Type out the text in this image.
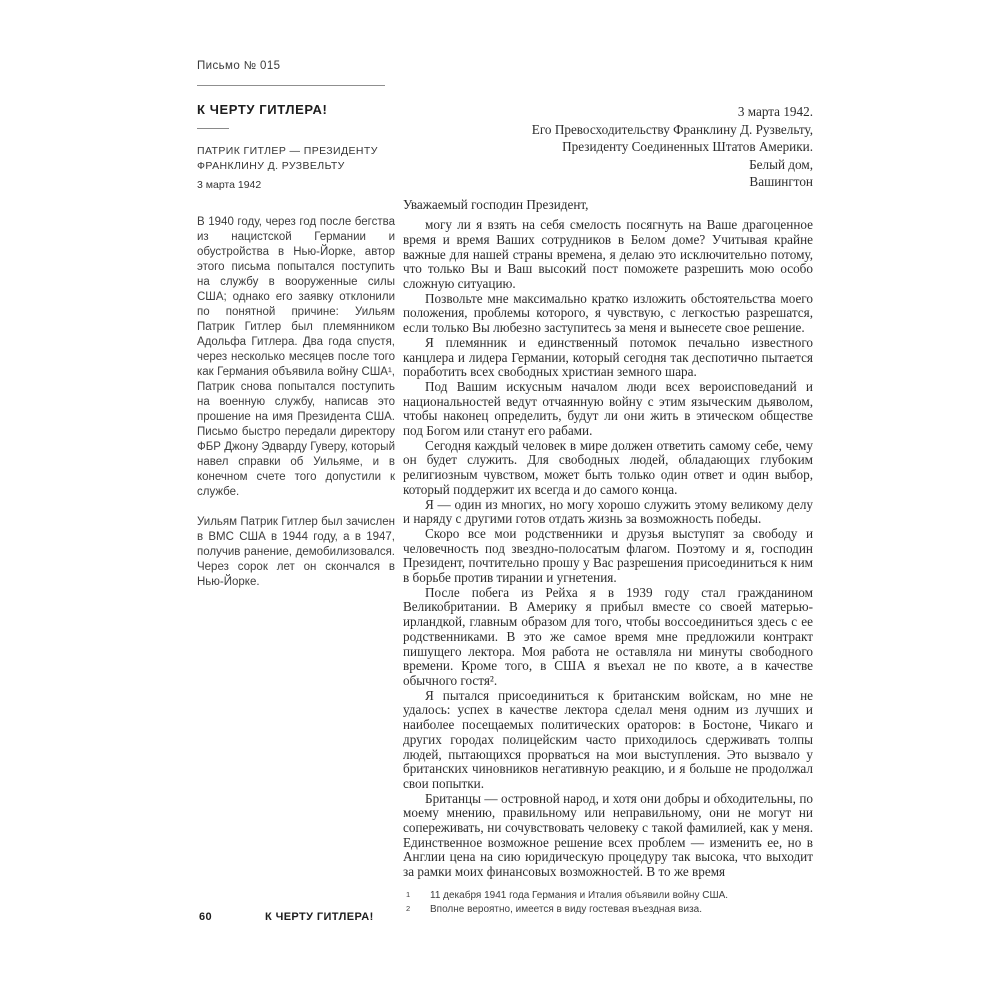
Письмо № 015
К ЧЕРТУ ГИТЛЕРА!
ПАТРИК ГИТЛЕР — ПРЕЗИДЕНТУ
ФРАНКЛИНУ Д. РУЗВЕЛЬТУ
3 марта 1942

В 1940 году, через год после бегства из нацистской Германии и обустройства в Нью-Йорке, автор этого письма попытался поступить на службу в вооруженные силы США; однако его заявку отклонили по понятной причине: Уильям Патрик Гитлер был племянником Адольфа Гитлера. Два года спустя, через несколько месяцев после того как Германия объявила войну США¹, Патрик снова попытался поступить на военную службу, написав это прошение на имя Президента США. Письмо быстро передали директору ФБР Джону Эдварду Гуверу, который навел справки об Уильяме, и в конечном счете того допустили к службе.

Уильям Патрик Гитлер был зачислен в ВМС США в 1944 году, а в 1947, получив ранение, демобилизовался. Через сорок лет он скончался в Нью-Йорке.

3 марта 1942.
Его Превосходительству Франклину Д. Рузвельту,
Президенту Соединенных Штатов Америки.
Белый дом,
Вашингтон

Уважаемый господин Президент,

могу ли я взять на себя смелость посягнуть на Ваше драгоценное время и время Ваших сотрудников в Белом доме? Учитывая крайне важные для нашей страны времена, я делаю это исключительно потому, что только Вы и Ваш высокий пост поможете разрешить мою особо сложную ситуацию.

Позвольте мне максимально кратко изложить обстоятельства моего положения, проблемы которого, я чувствую, с легкостью разрешатся, если только Вы любезно заступитесь за меня и вынесете свое решение.

Я племянник и единственный потомок печально известного канцлера и лидера Германии, который сегодня так деспотично пытается поработить всех свободных христиан земного шара.

Под Вашим искусным началом люди всех вероисповеданий и национальностей ведут отчаянную войну с этим языческим дьяволом, чтобы наконец определить, будут ли они жить в этическом обществе под Богом или станут его рабами.

Сегодня каждый человек в мире должен ответить самому себе, чему он будет служить. Для свободных людей, обладающих глубоким религиозным чувством, может быть только один ответ и один выбор, который поддержит их всегда и до самого конца.

Я — один из многих, но могу хорошо служить этому великому делу и наряду с другими готов отдать жизнь за возможность победы.

Скоро все мои родственники и друзья выступят за свободу и человечность под звездно-полосатым флагом. Поэтому и я, господин Президент, почтительно прошу у Вас разрешения присоединиться к ним в борьбе против тирании и угнетения.

После побега из Рейха я в 1939 году стал гражданином Великобритании. В Америку я прибыл вместе со своей матерью-ирландкой, главным образом для того, чтобы воссоединиться здесь с ее родственниками. В это же самое время мне предложили контракт пишущего лектора. Моя работа не оставляла ни минуты свободного времени. Кроме того, в США я въехал не по квоте, а в качестве обычного гостя².

Я пытался присоединиться к британским войскам, но мне не удалось: успех в качестве лектора сделал меня одним из лучших и наиболее посещаемых политических ораторов: в Бостоне, Чикаго и других городах полицейским часто приходилось сдерживать толпы людей, пытающихся прорваться на мои выступления. Это вызвало у британских чиновников негативную реакцию, и я больше не продолжал свои попытки.

Британцы — островной народ, и хотя они добры и обходительны, по моему мнению, правильному или неправильному, они не могут ни сопереживать, ни сочувствовать человеку с такой фамилией, как у меня. Единственное возможное решение всех проблем — изменить ее, но в Англии цена на сию юридическую процедуру так высока, что выходит за рамки моих финансовых возможностей. В то же время

1 11 декабря 1941 года Германия и Италия объявили войну США.
2 Вполне вероятно, имеется в виду гостевая въездная виза.
60	К ЧЕРТУ ГИТЛЕРА!
